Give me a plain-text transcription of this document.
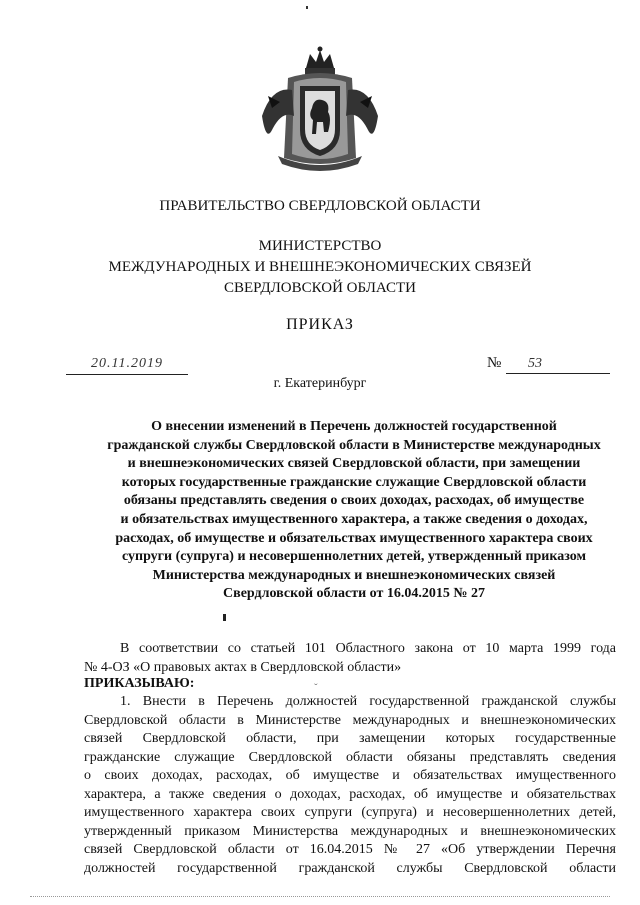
ПРАВИТЕЛЬСТВО СВЕРДЛОВСКОЙ ОБЛАСТИ
МИНИСТЕРСТВО
МЕЖДУНАРОДНЫХ И ВНЕШНЕЭКОНОМИЧЕСКИХ СВЯЗЕЙ
СВЕРДЛОВСКОЙ ОБЛАСТИ
ПРИКАЗ
20.11.2019	№	53
г. Екатеринбург
О внесении изменений в Перечень должностей государственной
гражданской службы Свердловской области в Министерстве международных
и внешнеэкономических связей Свердловской области, при замещении
которых государственные гражданские служащие Свердловской области
обязаны представлять сведения о своих доходах, расходах, об имуществе
и обязательствах имущественного характера, а также сведения о доходах,
расходах, об имуществе и обязательствах имущественного характера своих
супруги (супруга) и несовершеннолетних детей, утвержденный приказом
Министерства международных и внешнеэкономических связей
Свердловской области от 16.04.2015 № 27
В соответствии со статьей 101 Областного закона от 10 марта 1999 года
№ 4-ОЗ «О правовых актах в Свердловской области»
ПРИКАЗЫВАЮ:	ˇ
1. Внести в Перечень должностей государственной гражданской службы
Свердловской области в Министерстве международных и внешнеэкономических
связей Свердловской области, при замещении которых государственные
гражданские служащие Свердловской области обязаны представлять сведения
о своих доходах, расходах, об имуществе и обязательствах имущественного
характера, а также сведения о доходах, расходах, об имуществе и обязательствах
имущественного характера своих супруги (супруга) и несовершеннолетних детей,
утвержденный приказом Министерства международных и внешнеэкономических
связей Свердловской области от 16.04.2015 № 27 «Об утверждении Перечня
должностей государственной гражданской службы Свердловской области
